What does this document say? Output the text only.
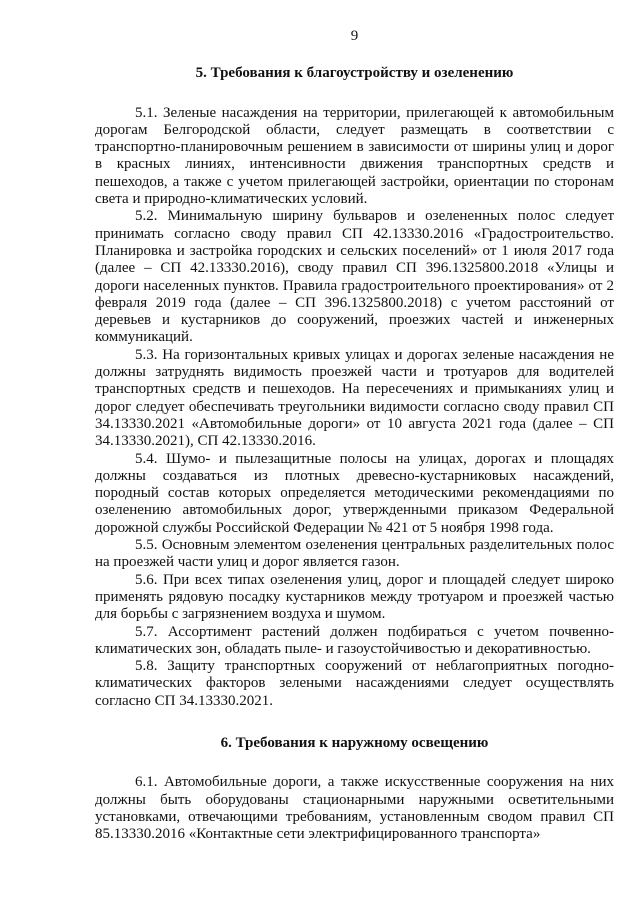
9
5. Требования к благоустройству и озеленению

5.1. Зеленые насаждения на территории, прилегающей к автомобильным дорогам Белгородской области, следует размещать в соответствии с транспортно-планировочным решением в зависимости от ширины улиц и дорог в красных линиях, интенсивности движения транспортных средств и пешеходов, а также с учетом прилегающей застройки, ориентации по сторонам света и природно-климатических условий.

5.2. Минимальную ширину бульваров и озелененных полос следует принимать согласно своду правил СП 42.13330.2016 «Градостроительство. Планировка и застройка городских и сельских поселений» от 1 июля 2017 года (далее – СП 42.13330.2016), своду правил СП 396.1325800.2018 «Улицы и дороги населенных пунктов. Правила градостроительного проектирования» от 2 февраля 2019 года (далее – СП 396.1325800.2018) с учетом расстояний от деревьев и кустарников до сооружений, проезжих частей и инженерных коммуникаций.

5.3. На горизонтальных кривых улицах и дорогах зеленые насаждения не должны затруднять видимость проезжей части и тротуаров для водителей транспортных средств и пешеходов. На пересечениях и примыканиях улиц и дорог следует обеспечивать треугольники видимости согласно своду правил СП 34.13330.2021 «Автомобильные дороги» от 10 августа 2021 года (далее – СП 34.13330.2021), СП 42.13330.2016.

5.4. Шумо- и пылезащитные полосы на улицах, дорогах и площадях должны создаваться из плотных древесно-кустарниковых насаждений, породный состав которых определяется методическими рекомендациями по озеленению автомобильных дорог, утвержденными приказом Федеральной дорожной службы Российской Федерации № 421 от 5 ноября 1998 года.

5.5. Основным элементом озеленения центральных разделительных полос на проезжей части улиц и дорог является газон.

5.6. При всех типах озеленения улиц, дорог и площадей следует широко применять рядовую посадку кустарников между тротуаром и проезжей частью для борьбы с загрязнением воздуха и шумом.

5.7. Ассортимент растений должен подбираться с учетом почвенно-климатических зон, обладать пыле- и газоустойчивостью и декоративностью.

5.8. Защиту транспортных сооружений от неблагоприятных погодно-климатических факторов зелеными насаждениями следует осуществлять согласно СП 34.13330.2021.

6. Требования к наружному освещению

6.1. Автомобильные дороги, а также искусственные сооружения на них должны быть оборудованы стационарными наружными осветительными установками, отвечающими требованиям, установленным сводом правил СП 85.13330.2016 «Контактные сети электрифицированного транспорта»
